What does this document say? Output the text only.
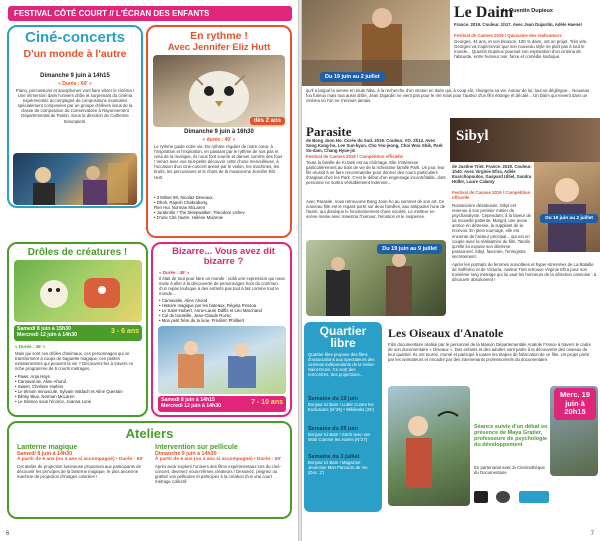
FESTIVAL CÔTÉ COURT // L'ÉCRAN DES ENFANTS
Ciné-concerts
D'un monde à l'autre
Dimanche 9 juin à 14h15
« Durée : 60' »
Piano, percussions et saxophones vont faire vibrer le cinéma ! Une immersion dans l'univers drôle et surprenant du cinéma expérimental, accompagné de compositions musicales spécialement composées par un groupe d'élèves issus de la classe de composition du Conservatoire à Rayonnement Départemental de Pantin. Sous la direction de Catherine Simonpietri.
En rythme !
Avec Jennifer Eliz Hutt
dès 2 ans
Dimanche 9 juin à 16h30
« durée : 40' »
Le rythme guide notre vie. Du rythme régulier de notre cœur, à l'inspiration et l'expiration, en passant par le rythme de nos pas et celui de la musique, ils nous font sourire et danser comme des fous ! Venez avec vos tout-petits découvrir cette chose merveilleuse, à l'occasion d'un ciné-concert animé par le violon, les machines, les bruits, les percussions et le chant de la musicienne Jennifer Eliz Hutt.
• 3 Milner 80, Nicolas Deveaux
• Dhoh, Rajesh Chakraborty,
Ren Hui, Norman McLaren
• Jurakrollo ! The Sleepwalker, Theodore Ushev
• D'une Cité l'autre, Hélène Moirenie
Drôles de créatures !
Samedi 8 juin à 15h30
Mercredi 12 juin à 14h30	3 - 6 ans
« Durée : 45' »
Mais qui sont ces drôles d'animaux, ces personnages qui se transforment à coups de baguette magique, ces petites extraterrestres qui peuvent la vie ? Découvrez-les à travers ce riche programme de 6 courts métrages.
• Paws, Anja Hays
• Carnaval de, Aline Ahond
• Sweet, Chrétien Harlers
• Le témoin minuscule, Sylvain Valdach et Aline Quertain
• Blinky Blue, Norman McLaren
• Le Silence sous l'écorce, Joanna Lurie
Bizarre... Vous avez dit bizarre ?
« Durée : 45' »
Il était de tout pour faire un monde : voilà une expression qui nous invite à aller à la découverte de personnages hors du commun, d'un repas loufoque à des enfants pas tout à fait comme tout le monde...
• Carnavalie, Aline Ahond
• Histoire magique par les bateaux, Régina Pessoa
• Le Saint-Hubert, Anne-Laure Daffis et Léo Marchand
• Cul de bouteille, Jean-Claude Rozec
• Mon petit frère de la lune, Frédéric Philibert
Samedi 8 juin à 14h15
Mercredi 12 juin à 14h30	7 - 10 ans
Ateliers
Lanterne magique
Samedi 8 juin à 14h30
À partir de 6 ans (ou 4 ans si accompagné) • Durée : 60'
Cet atelier de projection lumineuse proposera aux participants de découvrir les principes de la lanterne magique, le plus ancienne machine de projection d'images colorées !
Intervention sur pellicule
Dimanche 9 juin à 14h30
À partir de 6 ans (ou 4 ans si accompagné) • Durée : 60'
Après avoir exploré l'univers des films expérimentaux lors du ciné-concert, devenez vous-mêmes créateurs ! Dessinez, peignez ou grattez vos pellicules et participez à la création d'un vrai court métrage collectif.
6
Du 19 juin au 2 juillet
Le Daim
de Quentin Dupieux
France. 2019. Couleur. 1h17. Avec Jean Dujardin, Adèle Haenel
Festival de Cannes 2019 / Quinzaine des réalisateurs
Georges, 44 ans, et son blouson, 100 % daim, ont un projet. Très vite, Georges va s'apercevoir que son nouveau style ne plaît pas à tout le monde... Quentin Dupieux poursuit son exploration d'un cinéma de l'absurde, entre humour noir, farce et comédie loufoque.
qu'il a largué la sienne en toute hâte, à la recherche d'un veston en daim qui, à coup sûr, changera sa vie. Autour de lui, tout se déglingue... Nouveau fou furieux mais tout aussi drôle, Jean Dujardin ne vient pas pour le rire mais pour l'auteur d'un film étrange et décalé... Un Daim qui revient dans un cinéma où l'on ne s'ennuie jamais.
Parasite
de Bong Joon Ho. Corée du Sud. 2019. Couleur. VO. 2h12. Avec Song Kang-ho, Lee Sun-kyun, Cho Yeo-jeong, Choi Woo Shik, Park So-dam, Chang Hyae-jin
Festival de Cannes 2019 / Compétition officielle
Toute la famille de Ki-taek est au chômage. Elle s'intéresse particulièrement au train de vie de la richissime famille Park. Un jour, leur fils réussit à se faire recommander pour donner des cours particuliers d'anglais chez les Park. C'est le début d'un engrenage incontrôlable, dont personne ne sortira véritablement indemne...
Avec Parasite, nous retrouvons Bong Joon-ho au sommet de son art. Ce nouveau film est le regard porté sur deux familles, aux antipodes l'une de l'autre, qui dissèque le fonctionnement d'une société. Le metteur en scène manie avec maestria l'humour, l'émotion et le suspense.
Du 19 juin au 9 juillet
Sibyl
Du 19 juin au 2 juillet
de Justine Triet. France. 2019. Couleur. 1h40. Avec Virginie Efira, Adèle Exarchopoulos, Gaspard Ulliel, Sandra Hüller, Laure Calamy
Festival de Cannes 2019 / Compétition officielle
Romancière désabusée, Sibyl est revenue à son premier métier de psychanalyste. Cependant, à la faveur de sa nouvelle patiente, Margot, une jeune actrice en détresse, la suppliant de la recevoir. En plein tournage, elle est enceinte de l'acteur principal... qui est en couple avec la réalisatrice du film. Tandis qu'elle lui expose son dilemme passionnel, Sibyl, fascinée, l'enregistre secrètement.
Après les portraits de femmes survoltées et hyper-stressées de La Bataille de Solférino et de Victoria, Justine Triet retrouve Virginie Efira pour son troisième long métrage qui lui vaut les honneurs de la sélection cannoise : à découvrir absolument !
Quartier libre
Quartier libre propose des films d'associations aux spectateurs des cinémas indépendants de la Seine-Saint-Denis. Ce sont des rencontres, des projections...
Semaine du 19 juin
Bonjour Ici Bam ! Lutter Contre les Exclusions (N°26) • Wikileaks (25')
Semaine du 26 juin
Bonjour Ici Bam ! Sortir avec ses Mots Comme les Autres (N°27)
Semaine du 3 juillet
Bonjour Ici Bam ! Magazine Jeunesse Mon Parcours de Vie (Doc. 2')
Les Oiseaux d'Anatole
Film documentaire réalisé par le personnel de la Maison Départementale Anatole France à travers le cadre de son documentaire « Oiseaux ». Des enfants et des adultes sont partis à la découverte des oiseaux de leur quartier. Ils ont tourné, monté et participé à toutes les étapes de fabrication de ce film. Un projet porté par les animateurs et encadré par des intervenants professionnels du documentaire.
Séance suivie d'un débat en présence de Maya Gratier, professeure de psychologie du développement
En partenariat avec la Cinémathèque du Documentaire

Merc. 19 juin à 20h15
7
